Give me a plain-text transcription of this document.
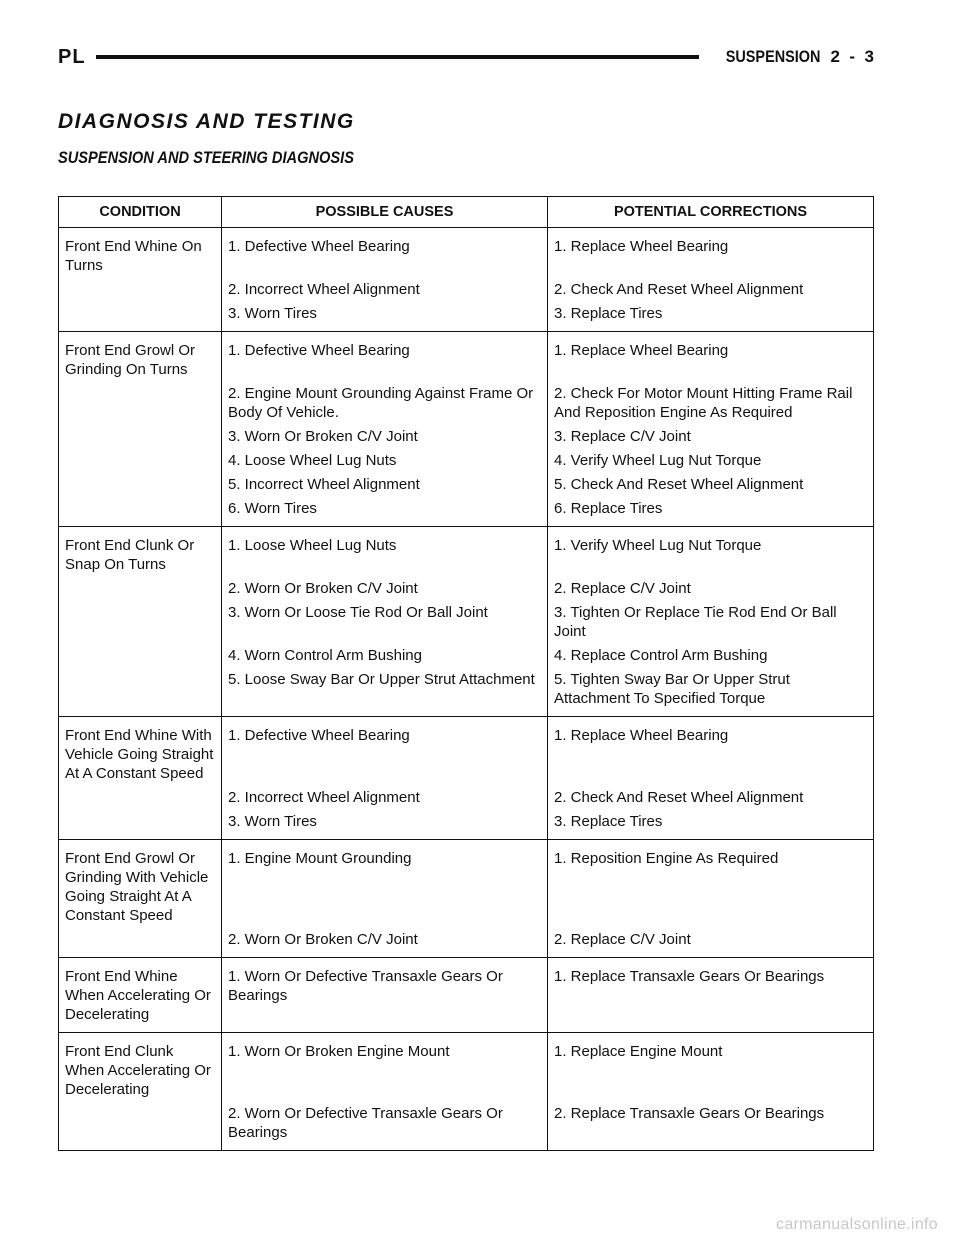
PL	SUSPENSION 2  -  3
DIAGNOSIS AND TESTING
SUSPENSION AND STEERING DIAGNOSIS
CONDITION	POSSIBLE CAUSES	POTENTIAL CORRECTIONS
Front End Whine On Turns	1. Defective Wheel Bearing	1. Replace Wheel Bearing
	2. Incorrect Wheel Alignment	2. Check And Reset Wheel Alignment
	3. Worn Tires	3. Replace Tires
Front End Growl Or Grinding On Turns	1. Defective Wheel Bearing	1. Replace Wheel Bearing
	2. Engine Mount Grounding Against Frame Or Body Of Vehicle.	2. Check For Motor Mount Hitting Frame Rail And Reposition Engine As Required
	3. Worn Or Broken C/V Joint	3. Replace C/V Joint
	4. Loose Wheel Lug Nuts	4. Verify Wheel Lug Nut Torque
	5. Incorrect Wheel Alignment	5. Check And Reset Wheel Alignment
	6. Worn Tires	6. Replace Tires
Front End Clunk Or Snap On Turns	1. Loose Wheel Lug Nuts	1. Verify Wheel Lug Nut Torque
	2. Worn Or Broken C/V Joint	2. Replace C/V Joint
	3. Worn Or Loose Tie Rod Or Ball Joint	3. Tighten Or Replace Tie Rod End Or Ball Joint
	4. Worn Control Arm Bushing	4. Replace Control Arm Bushing
	5. Loose Sway Bar Or Upper Strut Attachment	5. Tighten Sway Bar Or Upper Strut Attachment To Specified Torque
Front End Whine With Vehicle Going Straight At A Constant Speed	1. Defective Wheel Bearing	1. Replace Wheel Bearing
	2. Incorrect Wheel Alignment	2. Check And Reset Wheel Alignment
	3. Worn Tires	3. Replace Tires
Front End Growl Or Grinding With Vehicle Going Straight At A Constant Speed	1. Engine Mount Grounding	1. Reposition Engine As Required
	2. Worn Or Broken C/V Joint	2. Replace C/V Joint
Front End Whine When Accelerating Or Decelerating	1. Worn Or Defective Transaxle Gears Or Bearings	1. Replace Transaxle Gears Or Bearings
Front End Clunk When Accelerating Or Decelerating	1. Worn Or Broken Engine Mount	1. Replace Engine Mount
	2. Worn Or Defective Transaxle Gears Or Bearings	2. Replace Transaxle Gears Or Bearings
carmanualsonline.info
